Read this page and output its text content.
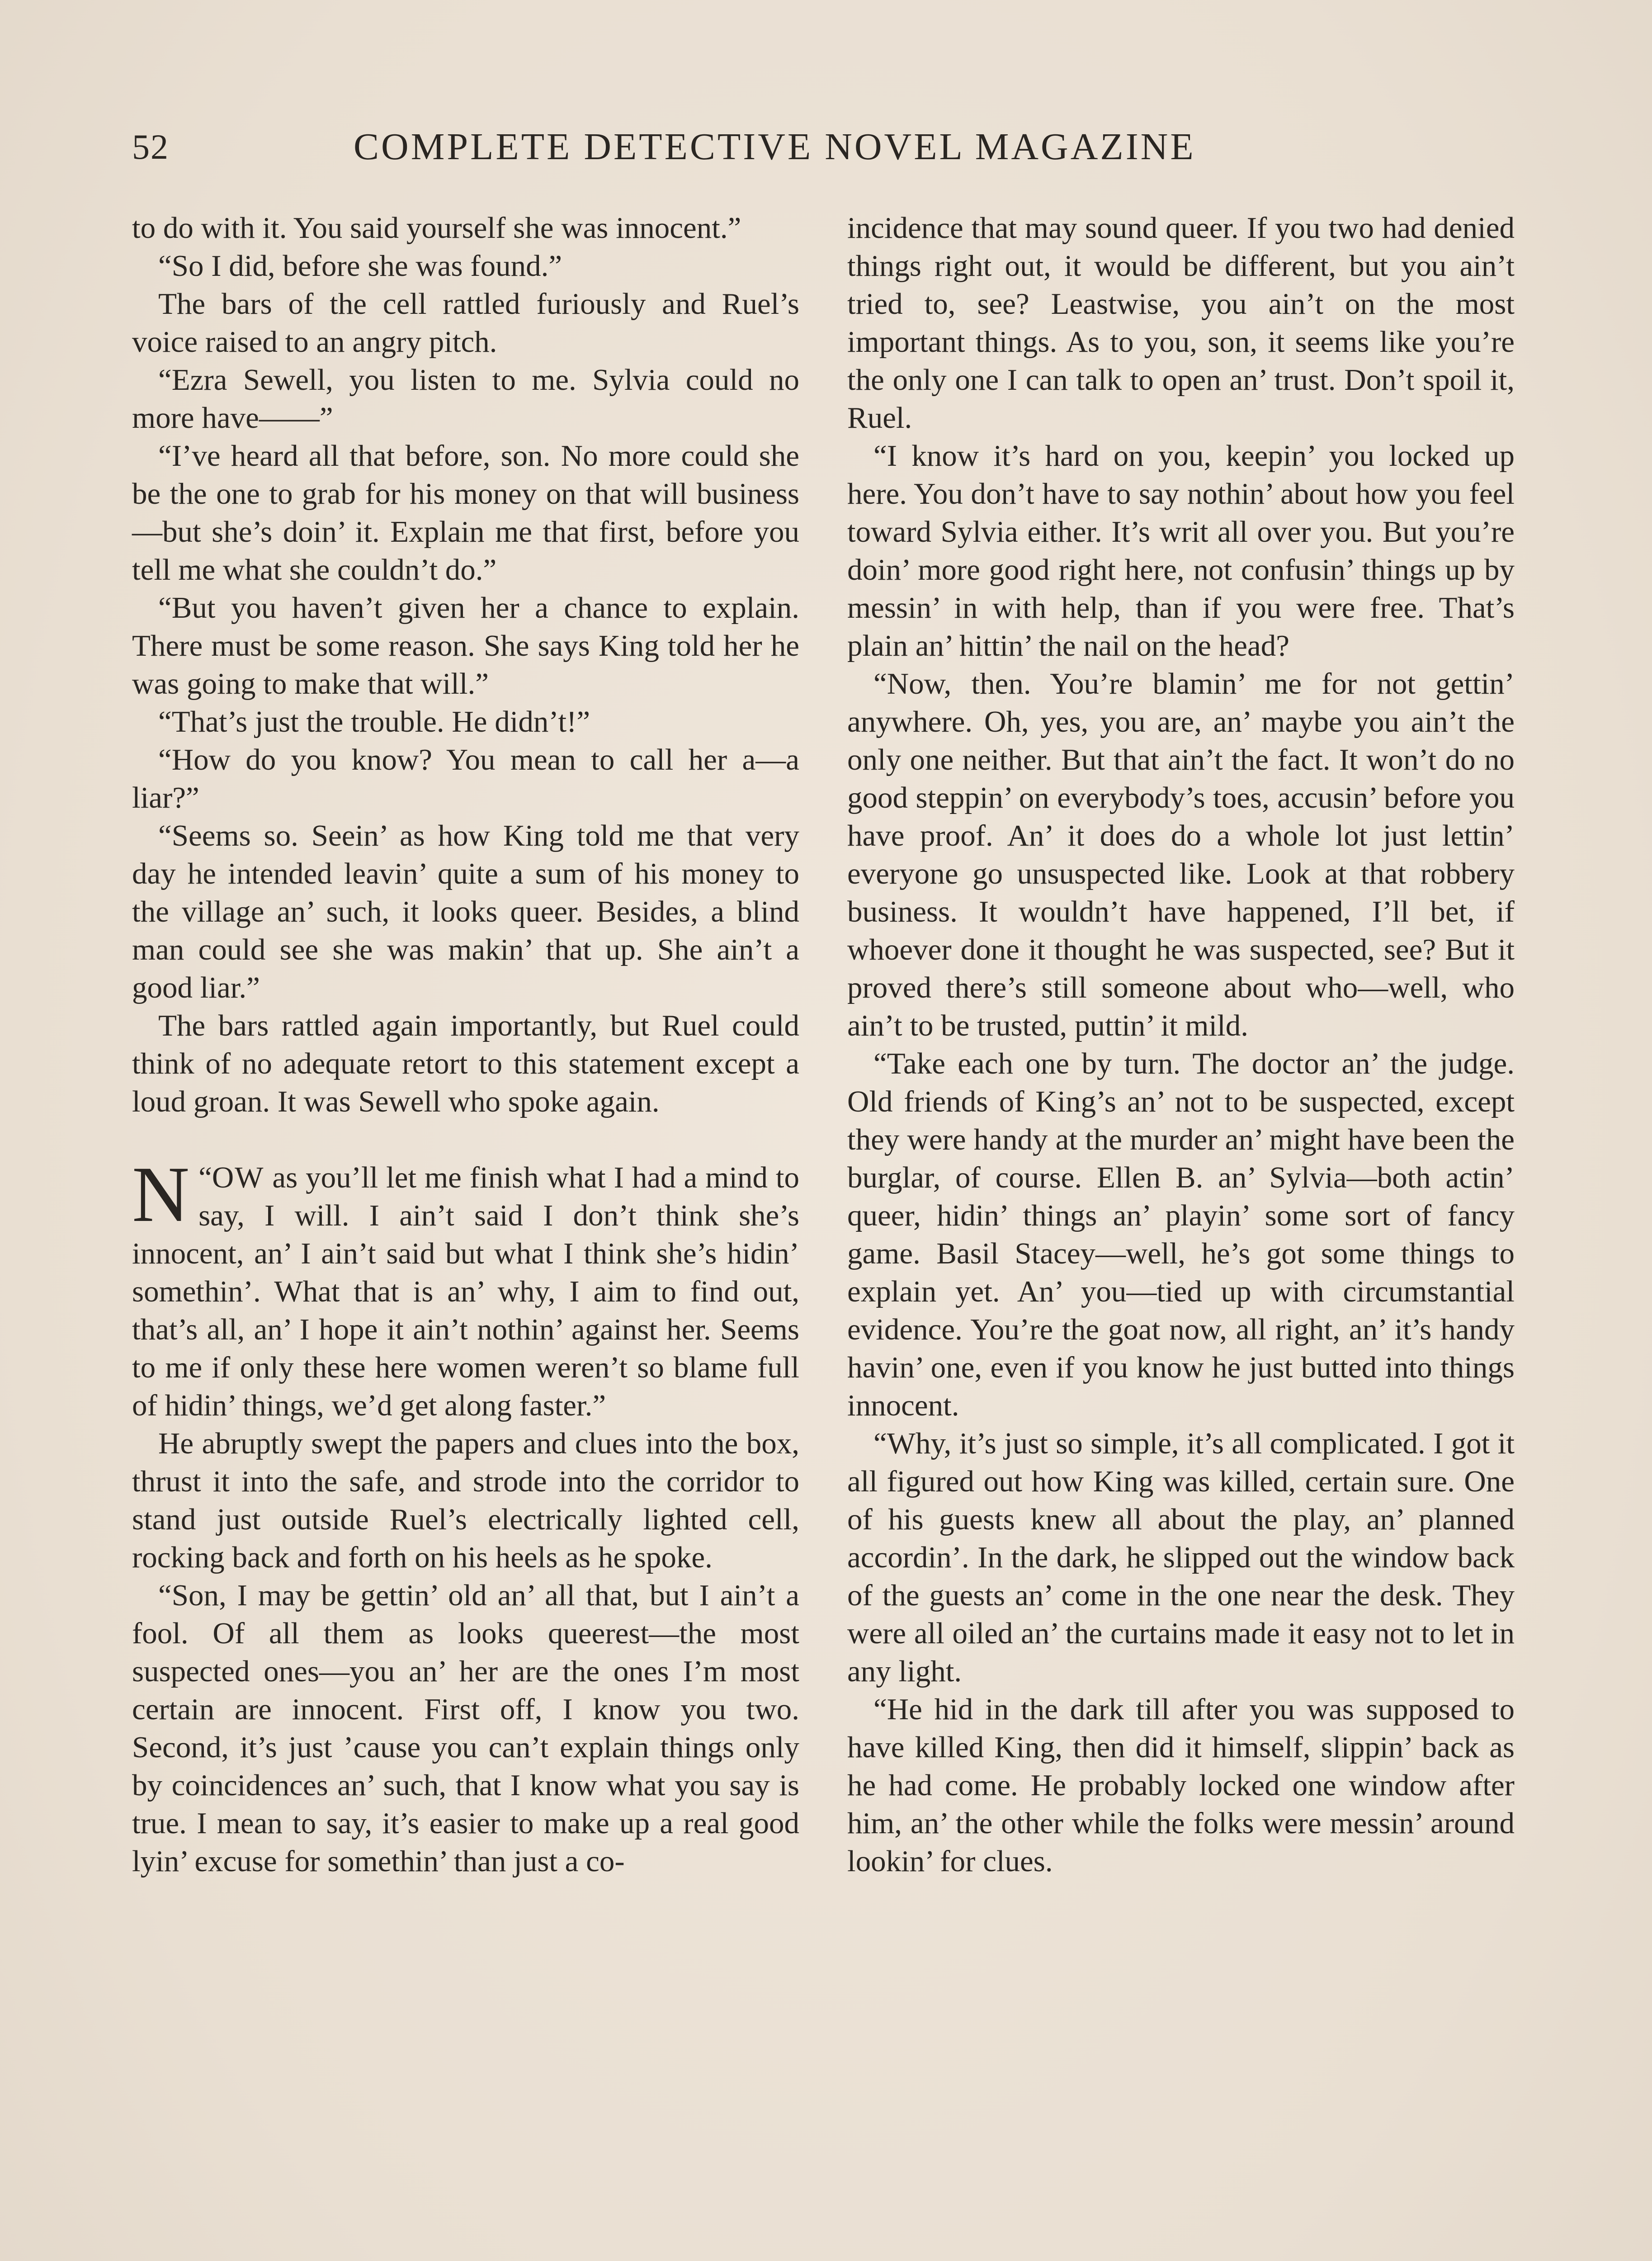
52	COMPLETE DETECTIVE NOVEL MAGAZINE

to do with it. You said yourself she was innocent.”

“So I did, before she was found.”

The bars of the cell rattled furiously and Ruel’s voice raised to an angry pitch.

“Ezra Sewell, you listen to me. Sylvia could no more have——”

“I’ve heard all that before, son. No more could she be the one to grab for his money on that will business—but she’s doin’ it. Explain me that first, before you tell me what she couldn’t do.”

“But you haven’t given her a chance to explain. There must be some reason. She says King told her he was going to make that will.”

“That’s just the trouble. He didn’t!”

“How do you know? You mean to call her a—a liar?”

“Seems so. Seein’ as how King told me that very day he intended leavin’ quite a sum of his money to the village an’ such, it looks queer. Besides, a blind man could see she was makin’ that up. She ain’t a good liar.”

The bars rattled again importantly, but Ruel could think of no adequate retort to this statement except a loud groan. It was Sewell who spoke again.

“
N OW as you’ll let me finish what I had a mind to say, I will. I ain’t said I don’t think she’s innocent, an’ I ain’t said but what I think she’s hidin’ somethin’. What that is an’ why, I aim to find out, that’s all, an’ I hope it ain’t nothin’ against her. Seems to me if only these here women weren’t so blame full of hidin’ things, we’d get along faster.”

He abruptly swept the papers and clues into the box, thrust it into the safe, and strode into the corridor to stand just outside Ruel’s electrically lighted cell, rocking back and forth on his heels as he spoke.

“Son, I may be gettin’ old an’ all that, but I ain’t a fool. Of all them as looks queerest—the most suspected ones—you an’ her are the ones I’m most certain are innocent. First off, I know you two. Second, it’s just ’cause you can’t explain things only by coincidences an’ such, that I know what you say is true. I mean to say, it’s easier to make up a real good lyin’ excuse for somethin’ than just a co-

incidence that may sound queer. If you two had denied things right out, it would be different, but you ain’t tried to, see? Leastwise, you ain’t on the most important things. As to you, son, it seems like you’re the only one I can talk to open an’ trust. Don’t spoil it, Ruel.

“I know it’s hard on you, keepin’ you locked up here. You don’t have to say nothin’ about how you feel toward Sylvia either. It’s writ all over you. But you’re doin’ more good right here, not confusin’ things up by messin’ in with help, than if you were free. That’s plain an’ hittin’ the nail on the head?

“Now, then. You’re blamin’ me for not gettin’ anywhere. Oh, yes, you are, an’ maybe you ain’t the only one neither. But that ain’t the fact. It won’t do no good steppin’ on everybody’s toes, accusin’ before you have proof. An’ it does do a whole lot just lettin’ everyone go unsuspected like. Look at that robbery business. It wouldn’t have happened, I’ll bet, if whoever done it thought he was suspected, see? But it proved there’s still someone about who—well, who ain’t to be trusted, puttin’ it mild.

“Take each one by turn. The doctor an’ the judge. Old friends of King’s an’ not to be suspected, except they were handy at the murder an’ might have been the burglar, of course. Ellen B. an’ Sylvia—both actin’ queer, hidin’ things an’ playin’ some sort of fancy game. Basil Stacey—well, he’s got some things to explain yet. An’ you—tied up with circumstantial evidence. You’re the goat now, all right, an’ it’s handy havin’ one, even if you know he just butted into things innocent.

“Why, it’s just so simple, it’s all complicated. I got it all figured out how King was killed, certain sure. One of his guests knew all about the play, an’ planned accordin’. In the dark, he slipped out the window back of the guests an’ come in the one near the desk. They were all oiled an’ the curtains made it easy not to let in any light.

“He hid in the dark till after you was supposed to have killed King, then did it himself, slippin’ back as he had come. He probably locked one window after him, an’ the other while the folks were messin’ around lookin’ for clues.
